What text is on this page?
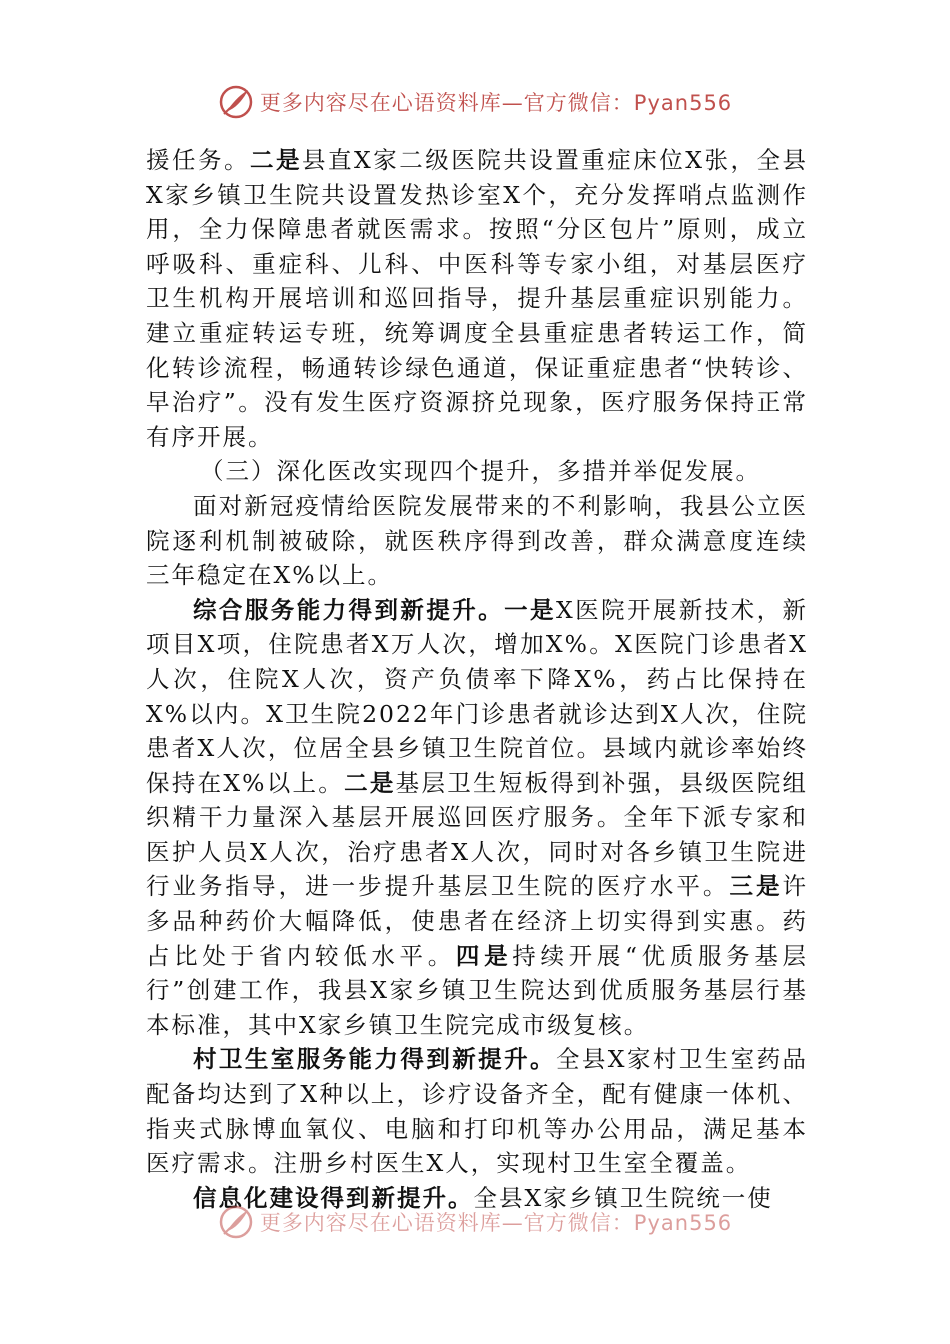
更多内容尽在心语资料库—官方微信：Pyan556

援任务。二是县直X家二级医院共设置重症床位X张，全县X家乡镇卫生院共设置发热诊室X个，充分发挥哨点监测作用，全力保障患者就医需求。按照“分区包片”原则，成立呼吸科、重症科、儿科、中医科等专家小组，对基层医疗卫生机构开展培训和巡回指导，提升基层重症识别能力。建立重症转运专班，统筹调度全县重症患者转运工作，简化转诊流程，畅通转诊绿色通道，保证重症患者“快转诊、早治疗”。没有发生医疗资源挤兑现象，医疗服务保持正常有序开展。

（三）深化医改实现四个提升，多措并举促发展。

面对新冠疫情给医院发展带来的不利影响，我县公立医院逐利机制被破除，就医秩序得到改善，群众满意度连续三年稳定在X%以上。

综合服务能力得到新提升。一是X医院开展新技术，新项目X项，住院患者X万人次，增加X%。X医院门诊患者X人次，住院X人次，资产负债率下降X%，药占比保持在X%以内。X卫生院2022年门诊患者就诊达到X人次，住院患者X人次，位居全县乡镇卫生院首位。县域内就诊率始终保持在X%以上。二是基层卫生短板得到补强，县级医院组织精干力量深入基层开展巡回医疗服务。全年下派专家和医护人员X人次，治疗患者X人次，同时对各乡镇卫生院进行业务指导，进一步提升基层卫生院的医疗水平。三是许多品种药价大幅降低，使患者在经济上切实得到实惠。药占比处于省内较低水平。四是持续开展“优质服务基层行”创建工作，我县X家乡镇卫生院达到优质服务基层行基本标准，其中X家乡镇卫生院完成市级复核。

村卫生室服务能力得到新提升。全县X家村卫生室药品配备均达到了X种以上，诊疗设备齐全，配有健康一体机、指夹式脉博血氧仪、电脑和打印机等办公用品，满足基本医疗需求。注册乡村医生X人，实现村卫生室全覆盖。

信息化建设得到新提升。全县X家乡镇卫生院统一使

更多内容尽在心语资料库—官方微信：Pyan556
